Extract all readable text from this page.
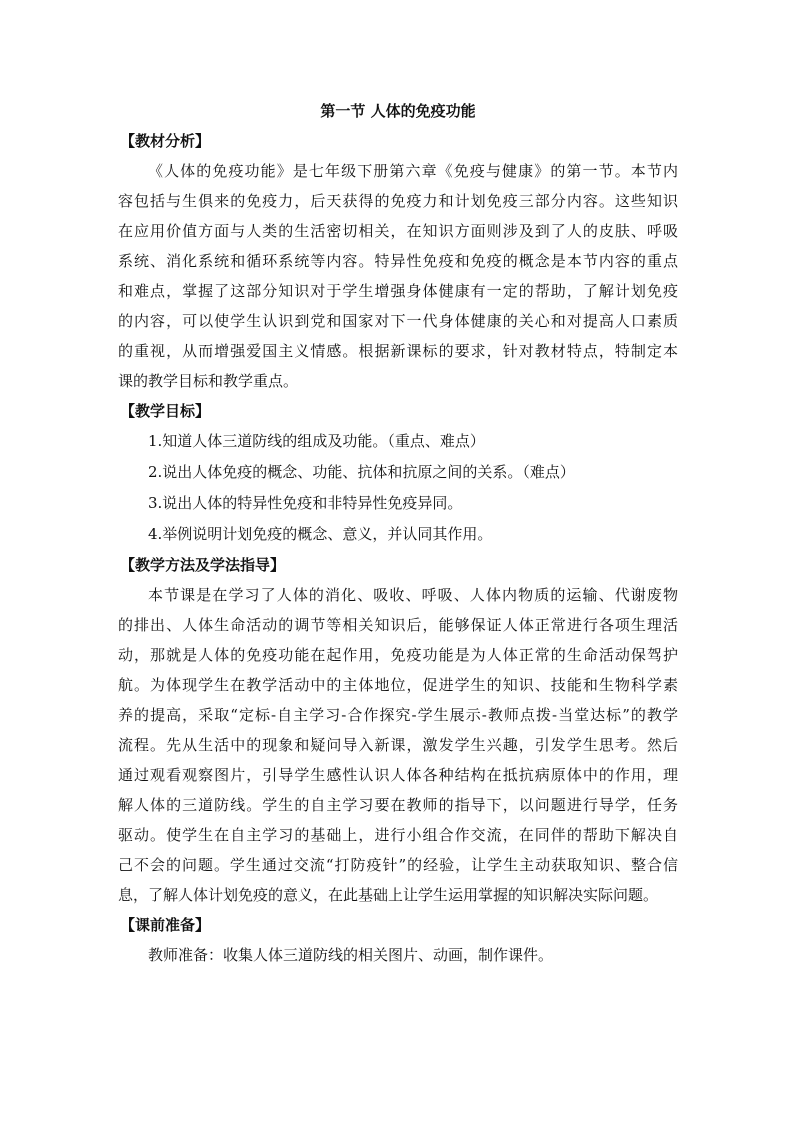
第一节 人体的免疫功能
【教材分析】
《人体的免疫功能》是七年级下册第六章《免疫与健康》的第一节。本节内
容包括与生俱来的免疫力，后天获得的免疫力和计划免疫三部分内容。这些知识
在应用价值方面与人类的生活密切相关，在知识方面则涉及到了人的皮肤、呼吸
系统、消化系统和循环系统等内容。特异性免疫和免疫的概念是本节内容的重点
和难点，掌握了这部分知识对于学生增强身体健康有一定的帮助，了解计划免疫
的内容，可以使学生认识到党和国家对下一代身体健康的关心和对提高人口素质
的重视，从而增强爱国主义情感。根据新课标的要求，针对教材特点，特制定本
课的教学目标和教学重点。
【教学目标】

1.知道人体三道防线的组成及功能。（重点、难点）

2.说出人体免疫的概念、功能、抗体和抗原之间的关系。（难点）

3.说出人体的特异性免疫和非特异性免疫异同。

4.举例说明计划免疫的概念、意义，并认同其作用。

【教学方法及学法指导】
本节课是在学习了人体的消化、吸收、呼吸、人体内物质的运输、代谢废物
的排出、人体生命活动的调节等相关知识后，能够保证人体正常进行各项生理活
动，那就是人体的免疫功能在起作用，免疫功能是为人体正常的生命活动保驾护
航。为体现学生在教学活动中的主体地位，促进学生的知识、技能和生物科学素
养的提高，采取“定标-自主学习-合作探究-学生展示-教师点拨-当堂达标”的教学
流程。先从生活中的现象和疑问导入新课，激发学生兴趣，引发学生思考。然后
通过观看观察图片，引导学生感性认识人体各种结构在抵抗病原体中的作用，理
解人体的三道防线。学生的自主学习要在教师的指导下，以问题进行导学，任务
驱动。使学生在自主学习的基础上，进行小组合作交流，在同伴的帮助下解决自
己不会的问题。学生通过交流“打防疫针”的经验，让学生主动获取知识、整合信
息，了解人体计划免疫的意义，在此基础上让学生运用掌握的知识解决实际问题。
【课前准备】
教师准备：收集人体三道防线的相关图片、动画，制作课件。
